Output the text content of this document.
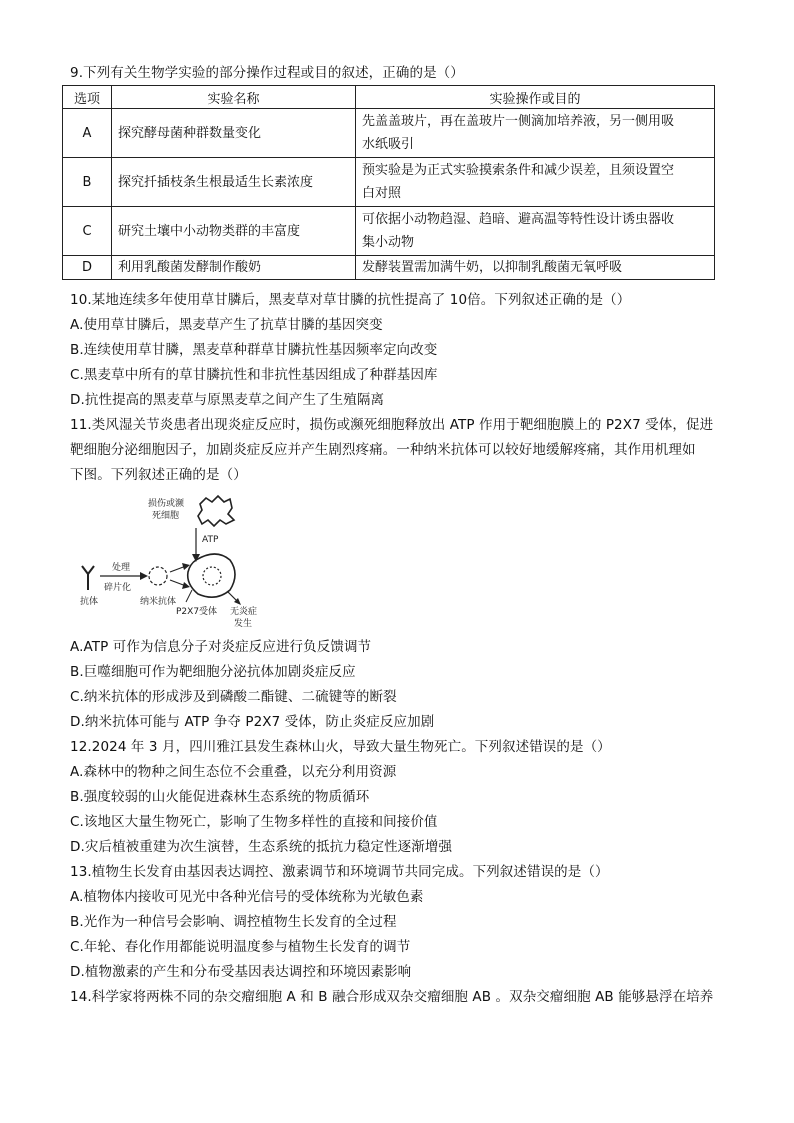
9.下列有关生物学实验的部分操作过程或目的叙述，正确的是（）
选项	实验名称	实验操作或目的
A	探究酵母菌种群数量变化	先盖盖玻片，再在盖玻片一侧滴加培养液，另一侧用吸
水纸吸引

B	探究扦插枝条生根最适生长素浓度	预实验是为正式实验摸索条件和减少误差，且须设置空
白对照

C	研究土壤中小动物类群的丰富度	可依据小动物趋湿、趋暗、避高温等特性设计诱虫器收
集小动物

D	利用乳酸菌发酵制作酸奶	发酵装置需加满牛奶，以抑制乳酸菌无氧呼吸
10.某地连续多年使用草甘膦后，黑麦草对草甘膦的抗性提高了 10倍。下列叙述正确的是（）
A.使用草甘膦后，黑麦草产生了抗草甘膦的基因突变
B.连续使用草甘膦，黑麦草种群草甘膦抗性基因频率定向改变
C.黑麦草中所有的草甘膦抗性和非抗性基因组成了种群基因库
D.抗性提高的黑麦草与原黑麦草之间产生了生殖隔离
11.类风湿关节炎患者出现炎症反应时，损伤或濒死细胞释放出 ATP 作用于靶细胞膜上的 P2X7 受体，促进
靶细胞分泌细胞因子，加剧炎症反应并产生剧烈疼痛。一种纳米抗体可以较好地缓解疼痛，其作用机理如
下图。下列叙述正确的是（）
损伤或濒
死细胞
ATP
抗体
处理
碎片化
纳米抗体
P2X7受体 无炎症
发生
A.ATP 可作为信息分子对炎症反应进行负反馈调节
B.巨噬细胞可作为靶细胞分泌抗体加剧炎症反应
C.纳米抗体的形成涉及到磷酸二酯键、二硫键等的断裂
D.纳米抗体可能与 ATP 争夺 P2X7 受体，防止炎症反应加剧
12.2024 年 3 月，四川雅江县发生森林山火，导致大量生物死亡。下列叙述错误的是（）
A.森林中的物种之间生态位不会重叠，以充分利用资源
B.强度较弱的山火能促进森林生态系统的物质循环
C.该地区大量生物死亡，影响了生物多样性的直接和间接价值
D.灾后植被重建为次生演替，生态系统的抵抗力稳定性逐渐增强
13.植物生长发育由基因表达调控、激素调节和环境调节共同完成。下列叙述错误的是（）
A.植物体内接收可见光中各种光信号的受体统称为光敏色素
B.光作为一种信号会影响、调控植物生长发育的全过程
C.年轮、春化作用都能说明温度参与植物生长发育的调节
D.植物激素的产生和分布受基因表达调控和环境因素影响
14.科学家将两株不同的杂交瘤细胞 A 和 B 融合形成双杂交瘤细胞 AB 。双杂交瘤细胞 AB 能够悬浮在培养
